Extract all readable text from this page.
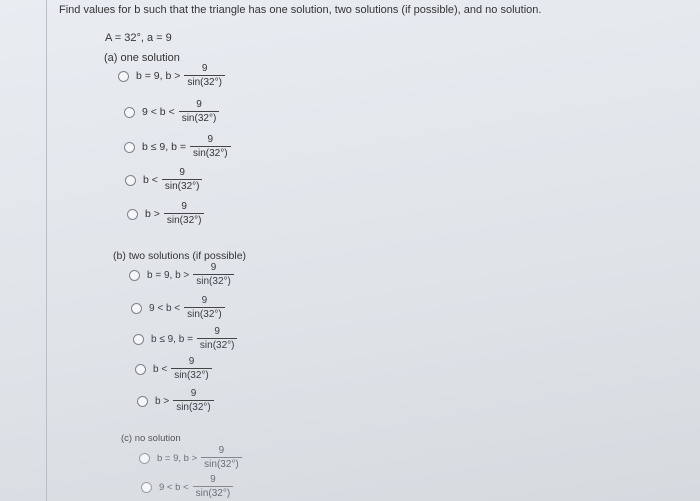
Find values for b such that the triangle has one solution, two solutions (if possible), and no solution.
A = 32°, a = 9
(a) one solution
b = 9, $b > \frac{9}{\sin(32^\circ)}$
$9 < b < \frac{9}{\sin(32^\circ)}$
b ≤ 9, $b = \frac{9}{\sin(32^\circ)}$
$b < \frac{9}{\sin(32^\circ)}$
$b > \frac{9}{\sin(32^\circ)}$
(b) two solutions (if possible)
b = 9, $b > \frac{9}{\sin(32^\circ)}$
$9 < b < \frac{9}{\sin(32^\circ)}$
b ≤ 9, $b = \frac{9}{\sin(32^\circ)}$
$b < \frac{9}{\sin(32^\circ)}$
$b > \frac{9}{\sin(32^\circ)}$
(c) no solution
b = 9, $b > \frac{9}{\sin(32^\circ)}$
$9 < b < \frac{9}{\sin(32^\circ)}$
